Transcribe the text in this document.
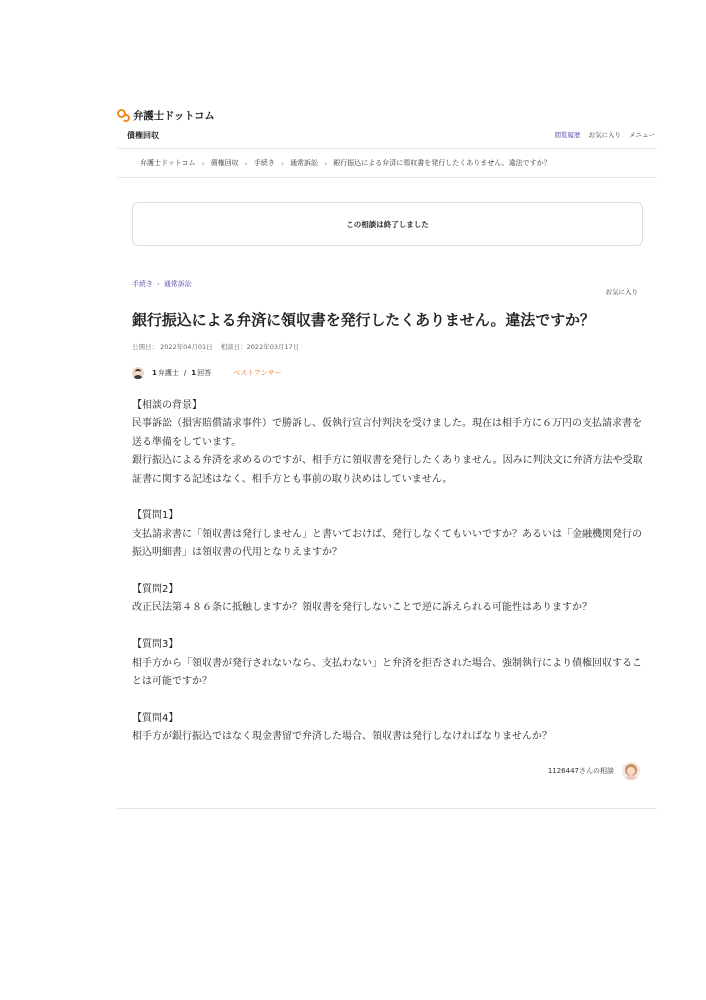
弁護士ドットコム
債権回収	閲覧履歴 お気に入り メニュー
弁護士ドットコム › 債権回収 › 手続き › 通常訴訟 › 銀行振込による弁済に領収書を発行したくありません。違法ですか？
この相談は終了しました
手続き › 通常訴訟
お気に入り
銀行振込による弁済に領収書を発行したくありません。違法ですか？
公開日： 2022年04月01日 相談日：2022年03月17日
1 弁護士 / 1 回答	ベストアンサー

【相談の背景】
民事訴訟（損害賠償請求事件）で勝訴し、仮執行宣言付判決を受けました。現在は相手方に６万円の支払請求書を送る準備をしています。
銀行振込による弁済を求めるのですが、相手方に領収書を発行したくありません。因みに判決文に弁済方法や受取証書に関する記述はなく、相手方とも事前の取り決めはしていません。

【質問1】
支払請求書に「領収書は発行しません」と書いておけば、発行しなくてもいいですか？あるいは「金融機関発行の振込明細書」は領収書の代用となりえますか？

【質問2】
改正民法第４８６条に抵触しますか？領収書を発行しないことで逆に訴えられる可能性はありますか？

【質問3】
相手方から「領収書が発行されないなら、支払わない」と弁済を拒否された場合、強制執行により債権回収することは可能ですか？

【質問4】
相手方が銀行振込ではなく現金書留で弁済した場合、領収書は発行しなければなりませんか？

1126447さんの相談
